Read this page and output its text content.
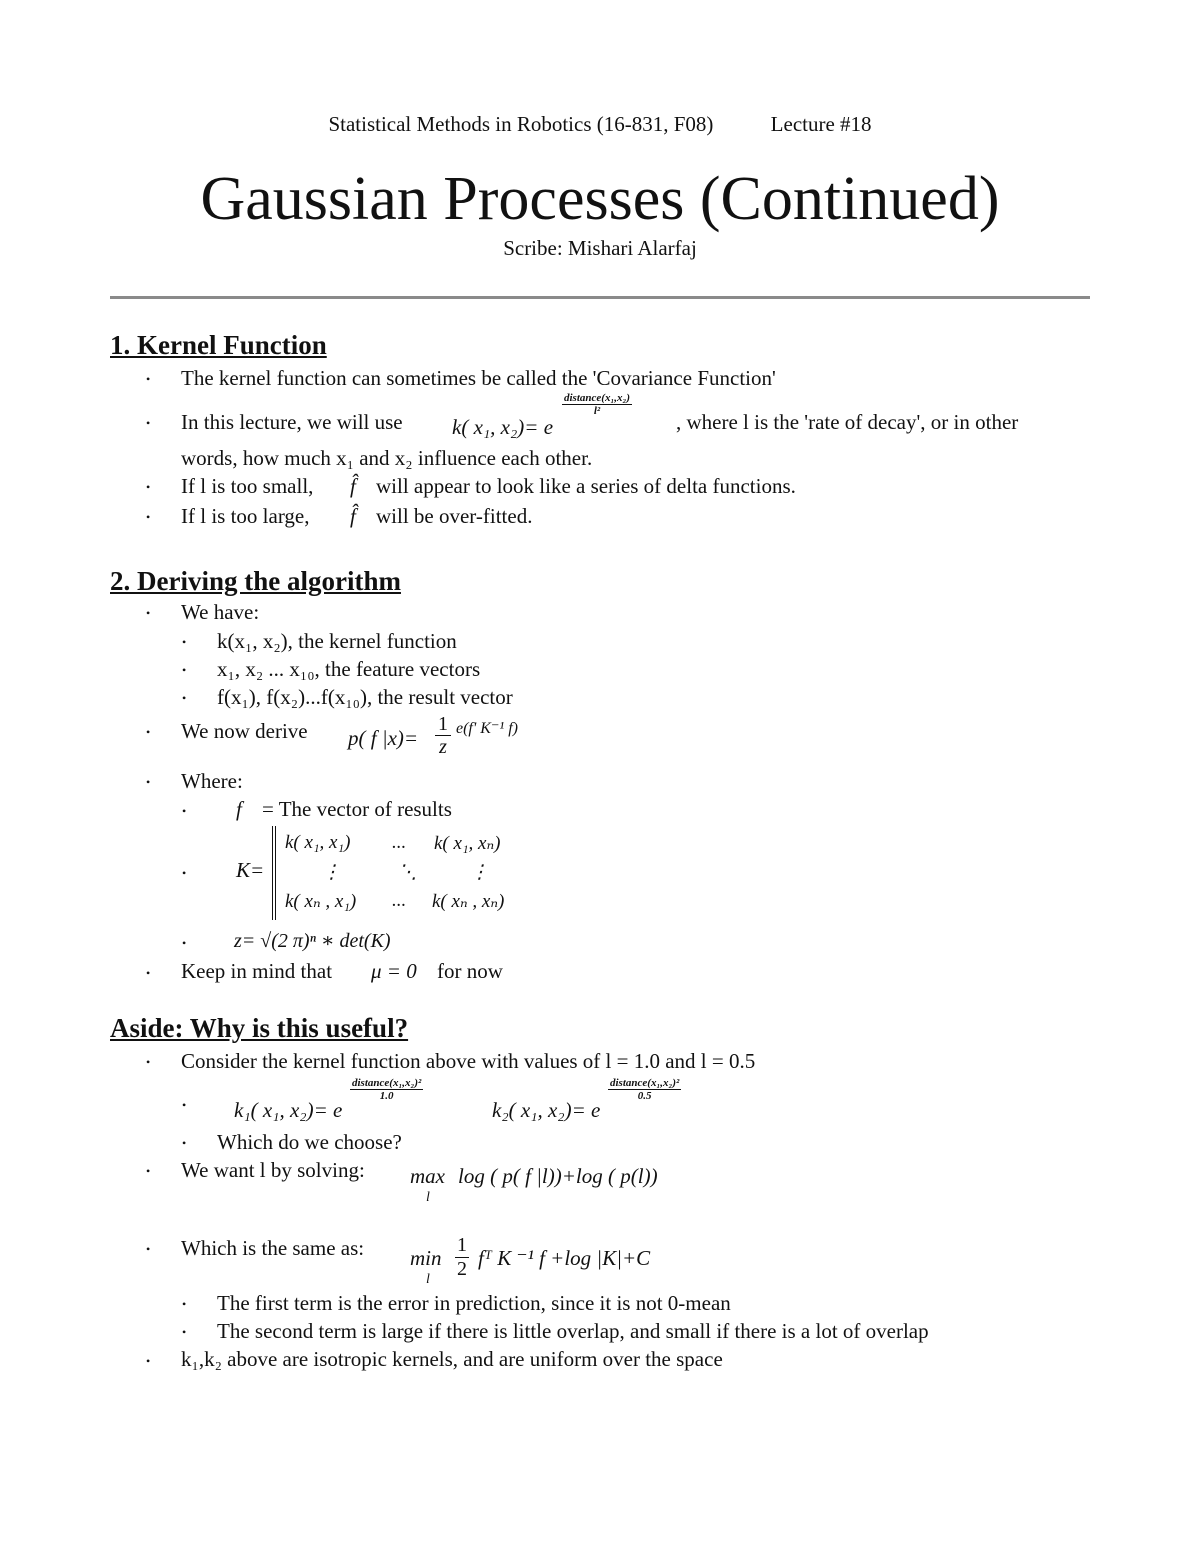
Statistical Methods in Robotics (16-831, F08)	Lecture #18
Gaussian Processes (Continued)
Scribe: Mishari Alarfaj
1. Kernel Function
• The kernel function can sometimes be called the 'Covariance Function'
• In this lecture, we will use k( x₁, x₂)= e
$\frac{\text{distance(x₁,x₂)}}{\text{l²}}$
, where l is the 'rate of decay', or in other
words, how much x₁ and x₂ influence each other.
• If l is too small, f̂ will appear to look like a series of delta functions.
• If l is too large, f̂ will be over-fitted.
2. Deriving the algorithm
• We have:
• k(x₁, x₂), the kernel function
• x₁, x₂ ... x₁₀, the feature vectors
• f(x₁), f(x₂)...f(x₁₀), the result vector
• We now derive p( f |x)=
1
z
e(f' K⁻¹ f)
• Where:
• f = The vector of results
• K=
k( x₁, x₁) ... k( x₁, xₙ)
⋮	⋱	⋮
k( xₙ , x₁) ... k( xₙ , xₙ)
• z= √(2 π)ⁿ ∗ det(K)
• Keep in mind that μ = 0 for now
Aside: Why is this useful?
• Consider the kernel function above with values of l = 1.0 and l = 0.5
• k₁( x₁, x₂)= e
$\frac{\text{distance(x₁,x₂)²}}{1.0}$
k₂( x₁, x₂)= e
$\frac{\text{distance(x₁,x₂)²}}{0.5}$
• Which do we choose?
• We want l by solving: max
l
log ( p( f |l))+log ( p(l))
• Which is the same as: min
l
1
2 fᵀ K ⁻¹ f +log |K|+C
• The first term is the error in prediction, since it is not 0-mean
• The second term is large if there is little overlap, and small if there is a lot of overlap
• k₁,k₂ above are isotropic kernels, and are uniform over the space
